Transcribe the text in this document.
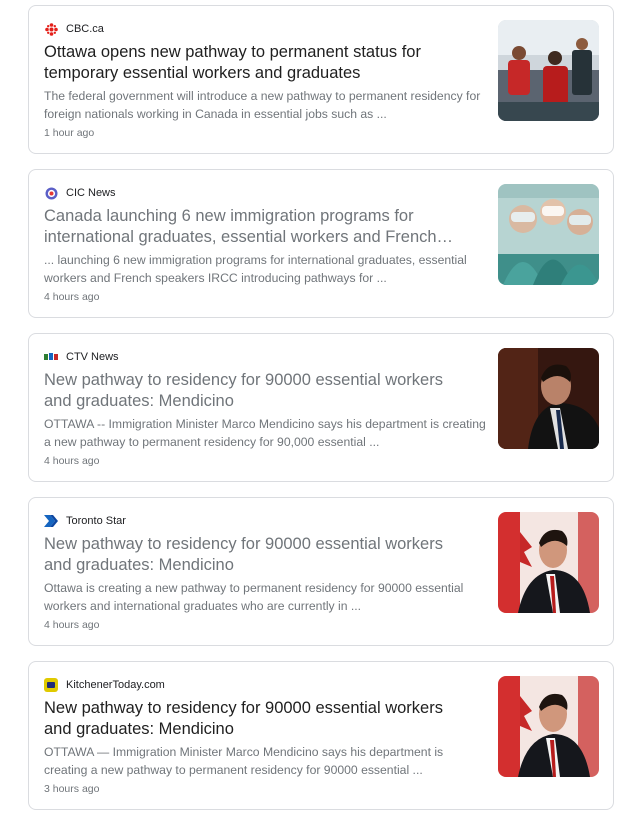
CBC.ca
Ottawa opens new pathway to permanent status for temporary essential workers and graduates
The federal government will introduce a new pathway to permanent residency for foreign nationals working in Canada in essential jobs such as ...
1 hour ago
CIC News
Canada launching 6 new immigration programs for international graduates, essential workers and French…
... launching 6 new immigration programs for international graduates, essential workers and French speakers IRCC introducing pathways for ...
4 hours ago
CTV News
New pathway to residency for 90000 essential workers and graduates: Mendicino
OTTAWA -- Immigration Minister Marco Mendicino says his department is creating a new pathway to permanent residency for 90,000 essential ...
4 hours ago
Toronto Star
New pathway to residency for 90000 essential workers and graduates: Mendicino
Ottawa is creating a new pathway to permanent residency for 90000 essential workers and international graduates who are currently in ...
4 hours ago
KitchenerToday.com
New pathway to residency for 90000 essential workers and graduates: Mendicino
OTTAWA — Immigration Minister Marco Mendicino says his department is creating a new pathway to permanent residency for 90000 essential ...
3 hours ago
